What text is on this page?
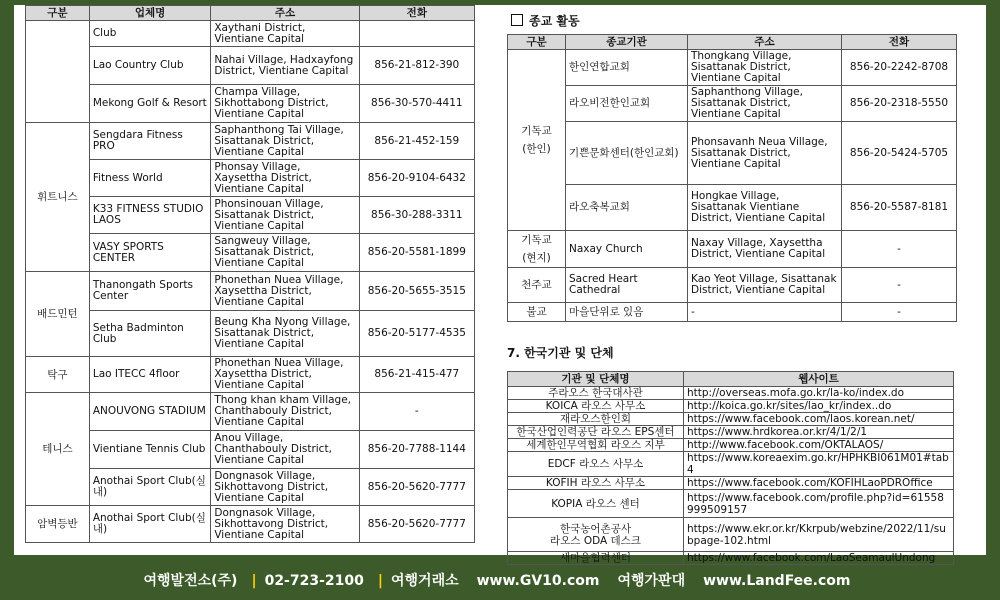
구분	업체명	주소	전화
	Club	Xaythani District, Vientiane Capital	
	Lao Country Club	Nahai Village, Hadxayfong District, Vientiane Capital	856-21-812-390
	Mekong Golf & Resort	Champa Village, Sikhottabong District, Vientiane Capital	856-30-570-4411
휘트니스	Sengdara Fitness PRO	Saphanthong Tai Village, Sisattanak District, Vientiane Capital	856-21-452-159
	Fitness World	Phonsay Village, Xaysettha District, Vientiane Capital	856-20-9104-6432
	K33 FITNESS STUDIO LAOS	Phonsinouan Village, Sisattanak District, Vientiane Capital	856-30-288-3311
	VASY SPORTS CENTER	Sangweuy Village, Sisattanak District, Vientiane Capital	856-20-5581-1899
배드민턴	Thanongath Sports Center	Phonethan Nuea Village, Xaysettha District, Vientiane Capital	856-20-5655-3515
	Setha Badminton Club	Beung Kha Nyong Village, Sisattanak District, Vientiane Capital	856-20-5177-4535
탁구	Lao ITECC 4floor	Phonethan Nuea Village, Xaysettha District, Vientiane Capital	856-21-415-477
테니스	ANOUVONG STADIUM	Thong khan kham Village, Chanthabouly District, Vientiane Capital	-
	Vientiane Tennis Club	Anou Village, Chanthabouly District, Vientiane Capital	856-20-7788-1144
	Anothai Sport Club(실내)	Dongnasok Village, Sikhottavong District, Vientiane Capital	856-20-5620-7777
암벽등반	Anothai Sport Club(실내)	Dongnasok Village, Sikhottavong District, Vientiane Capital	856-20-5620-7777
종교 활동
구분	종교기관	주소	전화
기독교
(한인)	한인연합교회	Thongkang Village, Sisattanak District, Vientiane Capital	856-20-2242-8708
	라오비전한인교회	Saphanthong Village, Sisattanak District, Vientiane Capital	856-20-2318-5550
	기쁜문화센터(한인교회)	Phonsavanh Neua Village, Sisattanak District, Vientiane Capital	856-20-5424-5705
	라오축복교회	Hongkae Village, Sisattanak Vientiane District, Vientiane Capital	856-20-5587-8181
기독교
(현지)	Naxay Church	Naxay Village, Xaysettha District, Vientiane Capital	-
천주교	Sacred Heart Cathedral	Kao Yeot Village, Sisattanak District, Vientiane Capital	-
불교	마을단위로 있음	-	-
7. 한국기관 및 단체
기관 및 단체명	웹사이트
주라오스 한국대사관	http://overseas.mofa.go.kr/la-ko/index.do
KOICA 라오스 사무소	http://koica.go.kr/sites/lao_kr/index..do
재라오스한인회	https://www.facebook.com/laos.korean.net/
한국산업인력공단 라오스 EPS센터	https://www.hrdkorea.or.kr/4/1/2/1
세계한인무역협회 라오스 지부	http://www.facebook.com/OKTALAOS/
EDCF 라오스 사무소	https://www.koreaexim.go.kr/HPHKBI061M01#tab4
KOFIH 라오스 사무소	https://www.facebook.com/KOFIHLaoPDROffice
KOPIA 라오스 센터	https://www.facebook.com/profile.php?id=61558999509157
한국농어촌공사
라오스 ODA 데스크	https://www.ekr.or.kr/Kkrpub/webzine/2022/11/subpage-102.html
새마을협력센터	https://www.facebook.com/LaoSeamaulUndong
여행발전소(주) | 02-723-2100 | 여행거래소 www.GV10.com 여행가판대 www.LandFee.com
